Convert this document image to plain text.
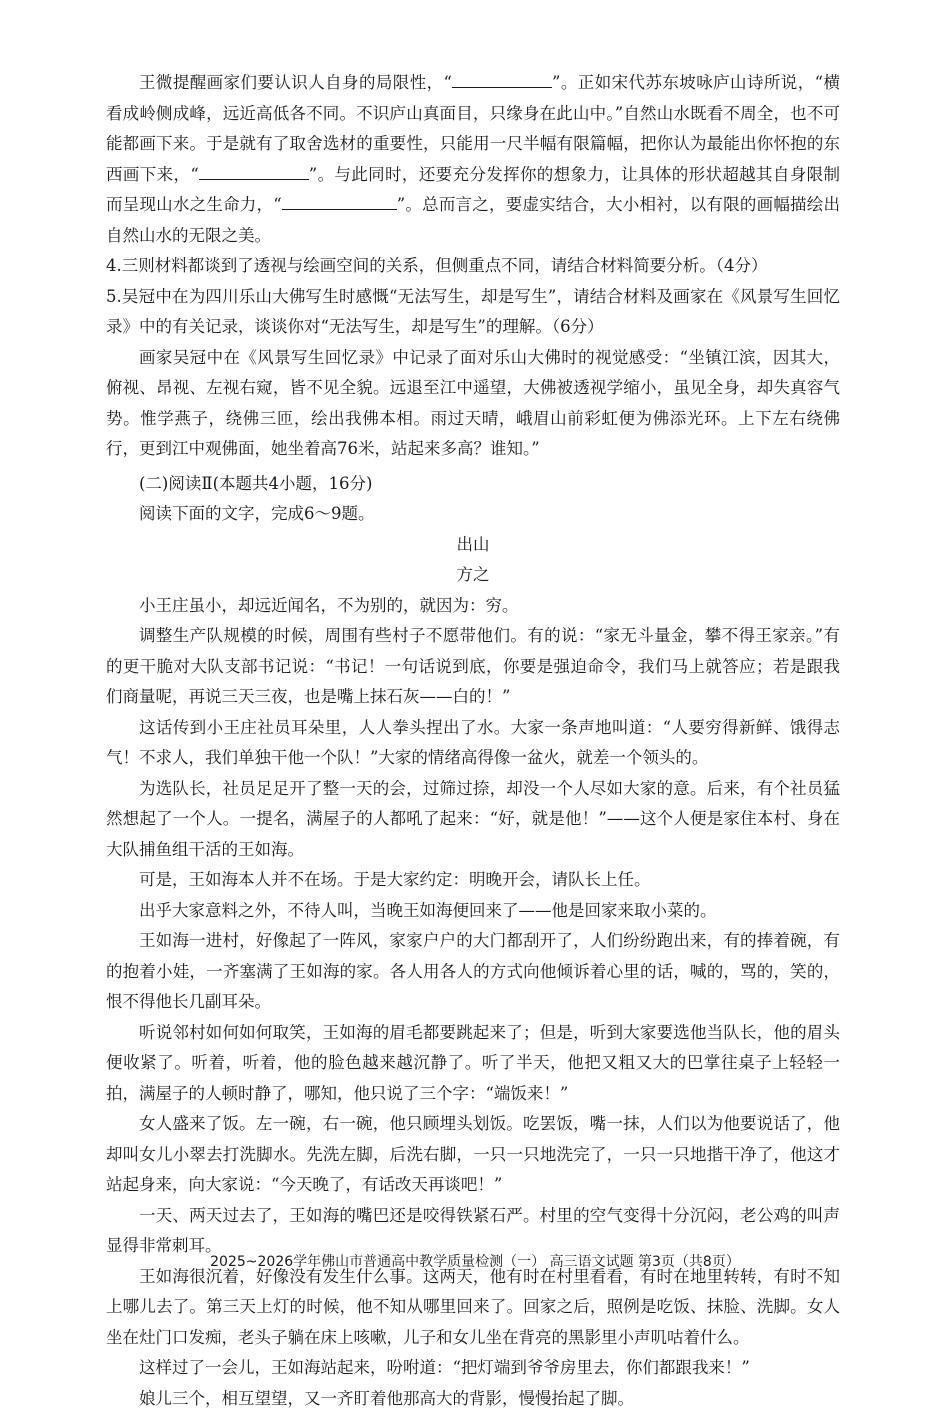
王微提醒画家们要认识人自身的局限性，“	”。正如宋代苏东坡咏庐山诗所说，“横看成岭侧成峰，远近高低各不同。不识庐山真面目，只缘身在此山中。”自然山水既看不周全，也不可能都画下来。于是就有了取舍选材的重要性，只能用一尺半幅有限篇幅，把你认为最能出你怀抱的东西画下来，“	”。与此同时，还要充分发挥你的想象力，让具体的形状超越其自身限制而呈现山水之生命力，“	”。总而言之，要虚实结合，大小相衬，以有限的画幅描绘出自然山水的无限之美。

4.三则材料都谈到了透视与绘画空间的关系，但侧重点不同，请结合材料简要分析。（4分）

5.吴冠中在为四川乐山大佛写生时感慨“无法写生，却是写生”，请结合材料及画家在《风景写生回忆录》中的有关记录，谈谈你对“无法写生，却是写生”的理解。（6分）

画家吴冠中在《风景写生回忆录》中记录了面对乐山大佛时的视觉感受：“坐镇江滨，因其大，俯视、昂视、左视右窥，皆不见全貌。远退至江中遥望，大佛被透视学缩小，虽见全身，却失真容气势。惟学燕子，绕佛三匝，绘出我佛本相。雨过天晴，峨眉山前彩虹便为佛添光环。上下左右绕佛行，更到江中观佛面，她坐着高76米，站起来多高？谁知。”

(二)阅读Ⅱ(本题共4小题，16分)

阅读下面的文字，完成6～9题。

出山

方之

小王庄虽小，却远近闻名，不为别的，就因为：穷。

调整生产队规模的时候，周围有些村子不愿带他们。有的说：“家无斗量金，攀不得王家亲。”有的更干脆对大队支部书记说：“书记！一句话说到底，你要是强迫命令，我们马上就答应；若是跟我们商量呢，再说三天三夜，也是嘴上抹石灰——白的！”

这话传到小王庄社员耳朵里，人人拳头捏出了水。大家一条声地叫道：“人要穷得新鲜、饿得志气！不求人，我们单独干他一个队！”大家的情绪高得像一盆火，就差一个领头的。

为选队长，社员足足开了整一天的会，过筛过捺，却没一个人尽如大家的意。后来，有个社员猛然想起了一个人。一提名，满屋子的人都吼了起来：“好，就是他！”——这个人便是家住本村、身在大队捕鱼组干活的王如海。

可是，王如海本人并不在场。于是大家约定：明晚开会，请队长上任。

出乎大家意料之外，不待人叫，当晚王如海便回来了——他是回家来取小菜的。

王如海一进村，好像起了一阵风，家家户户的大门都刮开了，人们纷纷跑出来，有的捧着碗，有的抱着小娃，一齐塞满了王如海的家。各人用各人的方式向他倾诉着心里的话，喊的，骂的，笑的，恨不得他长几副耳朵。

听说邻村如何如何取笑，王如海的眉毛都要跳起来了；但是，听到大家要选他当队长，他的眉头便收紧了。听着，听着，他的脸色越来越沉静了。听了半天，他把又粗又大的巴掌往桌子上轻轻一拍，满屋子的人顿时静了，哪知，他只说了三个字：“端饭来！”

女人盛来了饭。左一碗，右一碗，他只顾埋头划饭。吃罢饭，嘴一抹，人们以为他要说话了，他却叫女儿小翠去打洗脚水。先洗左脚，后洗右脚，一只一只地洗完了，一只一只地揩干净了，他这才站起身来，向大家说：“今天晚了，有话改天再谈吧！”

一天、两天过去了，王如海的嘴巴还是咬得铁紧石严。村里的空气变得十分沉闷，老公鸡的叫声显得非常刺耳。

王如海很沉着，好像没有发生什么事。这两天，他有时在村里看看，有时在地里转转，有时不知上哪儿去了。第三天上灯的时候，他不知从哪里回来了。回家之后，照例是吃饭、抹脸、洗脚。女人坐在灶门口发痴，老头子躺在床上咳嗽，儿子和女儿坐在背亮的黑影里小声叽咕着什么。

这样过了一会儿，王如海站起来，吩咐道：“把灯端到爷爷房里去，你们都跟我来！”

娘儿三个，相互望望，又一齐盯着他那高大的背影，慢慢抬起了脚。

2025~2026学年佛山市普通高中教学质量检测（一） 高三语文试题 第3页（共8页）
